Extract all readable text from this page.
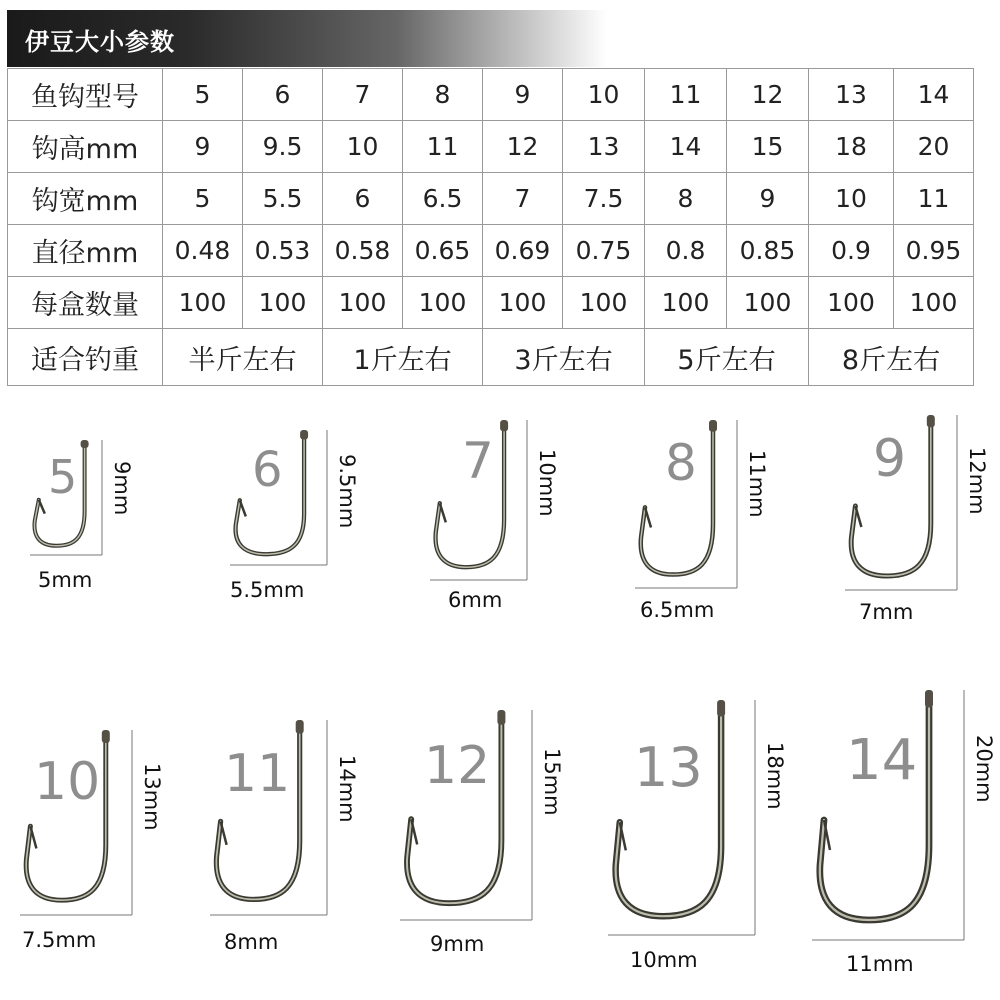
伊豆大小参数
鱼钩型号	5	6	7	8	9	10	11	12	13	14
钩高mm	9	9.5	10	11	12	13	14	15	18	20
钩宽mm	5	5.5	6	6.5	7	7.5	8	9	10	11
直径mm	0.48	0.53	0.58	0.65	0.69	0.75	0.8	0.85	0.9	0.95
每盒数量	100	100	100	100	100	100	100	100	100	100
适合钓重	半斤左右		1斤左右		3斤左右		5斤左右		8斤左右	
5 9mm
5mm
6 9.5mm
5.5mm
7 10mm
6mm
8 11mm
6.5mm
9	12mm
7mm
10 13mm
7.5mm
11 14mm
8mm
12 15mm
9mm
13	18mm
10mm
14	20mm
11mm
